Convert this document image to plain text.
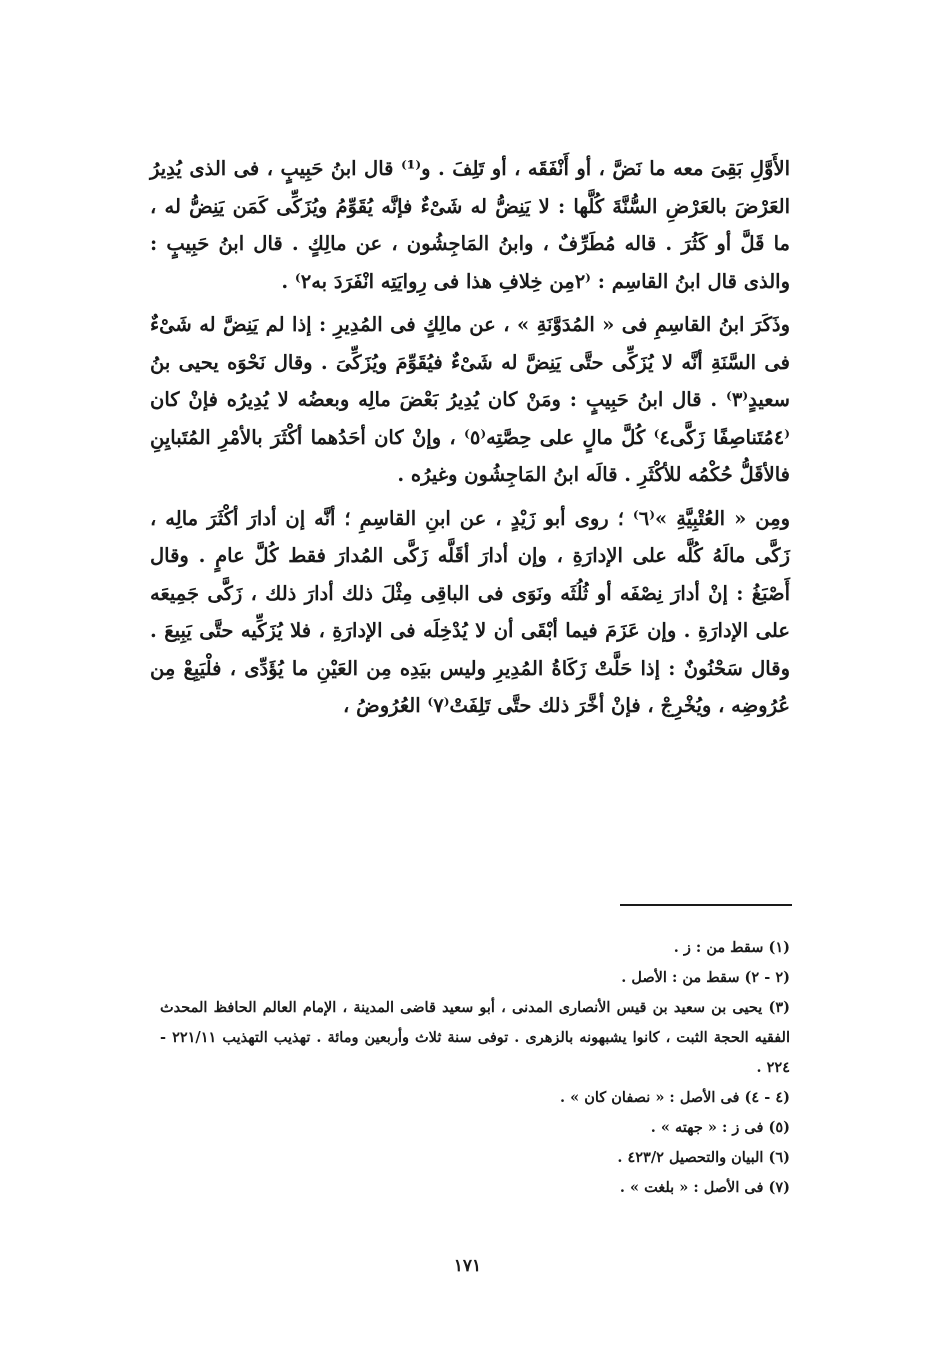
الأَوَّلِ بَقِىَ معه ما نَضَّ ، أو أَنْفَقَه ، أو تَلِفَ . و⁽¹⁾ قال ابنُ حَبِيبٍ ، فى الذى يُدِيرُ العَرْضَ بالعَرْضِ السُّنَّةَ كُلَّها : لا يَنِضُّ له شَىْءٌ فإنَّه يُقَوِّمُ ويُزَكِّى كَمَن يَنِضُّ له ، ما قَلَّ أو كَثُرَ . قاله مُطَرِّفٌ ، وابنُ المَاجِشُون ، عن مالِكٍ . قال ابنُ حَبِيبٍ : والذى قال ابنُ القاسِم : ⁽٢مِن خِلافِ هذا فى رِوايَتِه انْفَرَدَ به٢⁾ .

وذَكَرَ ابنُ القاسِمِ فى « المُدَوَّنَةِ » ، عن مالِكٍ فى المُدِيرِ : إذا لم يَنِضَّ له شَىْءٌ فى السَّنَةِ أنَّه لا يُزَكِّى حتَّى يَنِضَّ له شَىْءٌ فيُقَوِّمَ ويُزَكِّىَ . وقال نَحْوَه يحيى بنُ سعيدٍ⁽٣⁾ . قال ابنُ حَبِيبٍ : ومَنْ كان يُدِيرُ بَعْضَ مالِه وبعضُه لا يُدِيرُه فإنْ كان ⁽٤مُتَناصِفًا زَكَّى٤⁾ كُلَّ مالٍ على حِصَّتِه⁽٥⁾ ، وإنْ كان أحَدُهما أكْثَرَ بالأمْرِ المُتَبايِنِ فالأقَلُّ حُكْمُه للأكْثَرِ . قالَه ابنُ المَاجِشُون وغيرُه .

ومِن « العُتْبِيَّةِ »⁽٦⁾ ؛ روى أبو زَيْدٍ ، عن ابنِ القاسِمِ ؛ أنَّه إن أدارَ أكْثَرَ مالِه ، زَكَّى مالَهُ كُلَّه على الإدارَةِ ، وإن أدارَ أقَلَّه زَكَّى المُدارَ فقط كُلَّ عامٍ . وقال أَصْبَغُ : إنْ أدارَ نِصْفَه أو ثُلُثَه ونَوَى فى الباقِى مِثْلَ ذلك أدارَ ذلك ، زَكَّى جَمِيعَه على الإدارَةِ . وإن عَزَمَ فيما أبْقَى أن لا يُدْخِلَه فى الإدارَةِ ، فلا يُزَكِّيه حتَّى يَبِيعَ . وقال سَحْنُونٌ : إذا حَلَّتْ زَكَاةُ المُدِيرِ وليس بيَدِه مِن العَيْنِ ما يُؤَدِّى ، فلْيَبِعْ مِن عُرُوضِه ، ويُخْرِجْ ، فإنْ أخَّرَ ذلك حتَّى تَلِفَتْ⁽٧⁾ العُرُوضُ ،

(١) سقط من : ز .

(٢ - ٢) سقط من : الأصل .

(٣) يحيى بن سعيد بن قيس الأنصارى المدنى ، أبو سعيد قاضى المدينة ، الإمام العالم الحافظ المحدث الفقيه الحجة الثبت ، كانوا يشبهونه بالزهرى . توفى سنة ثلاث وأربعين ومائة . تهذيب التهذيب ٢٢١/١١ - ٢٢٤ .

(٤ - ٤) فى الأصل : « نصفان كان » .

(٥) فى ز : « جهته » .

(٦) البيان والتحصيل ٤٢٣/٢ .

(٧) فى الأصل : « بلغت » .

١٧١
